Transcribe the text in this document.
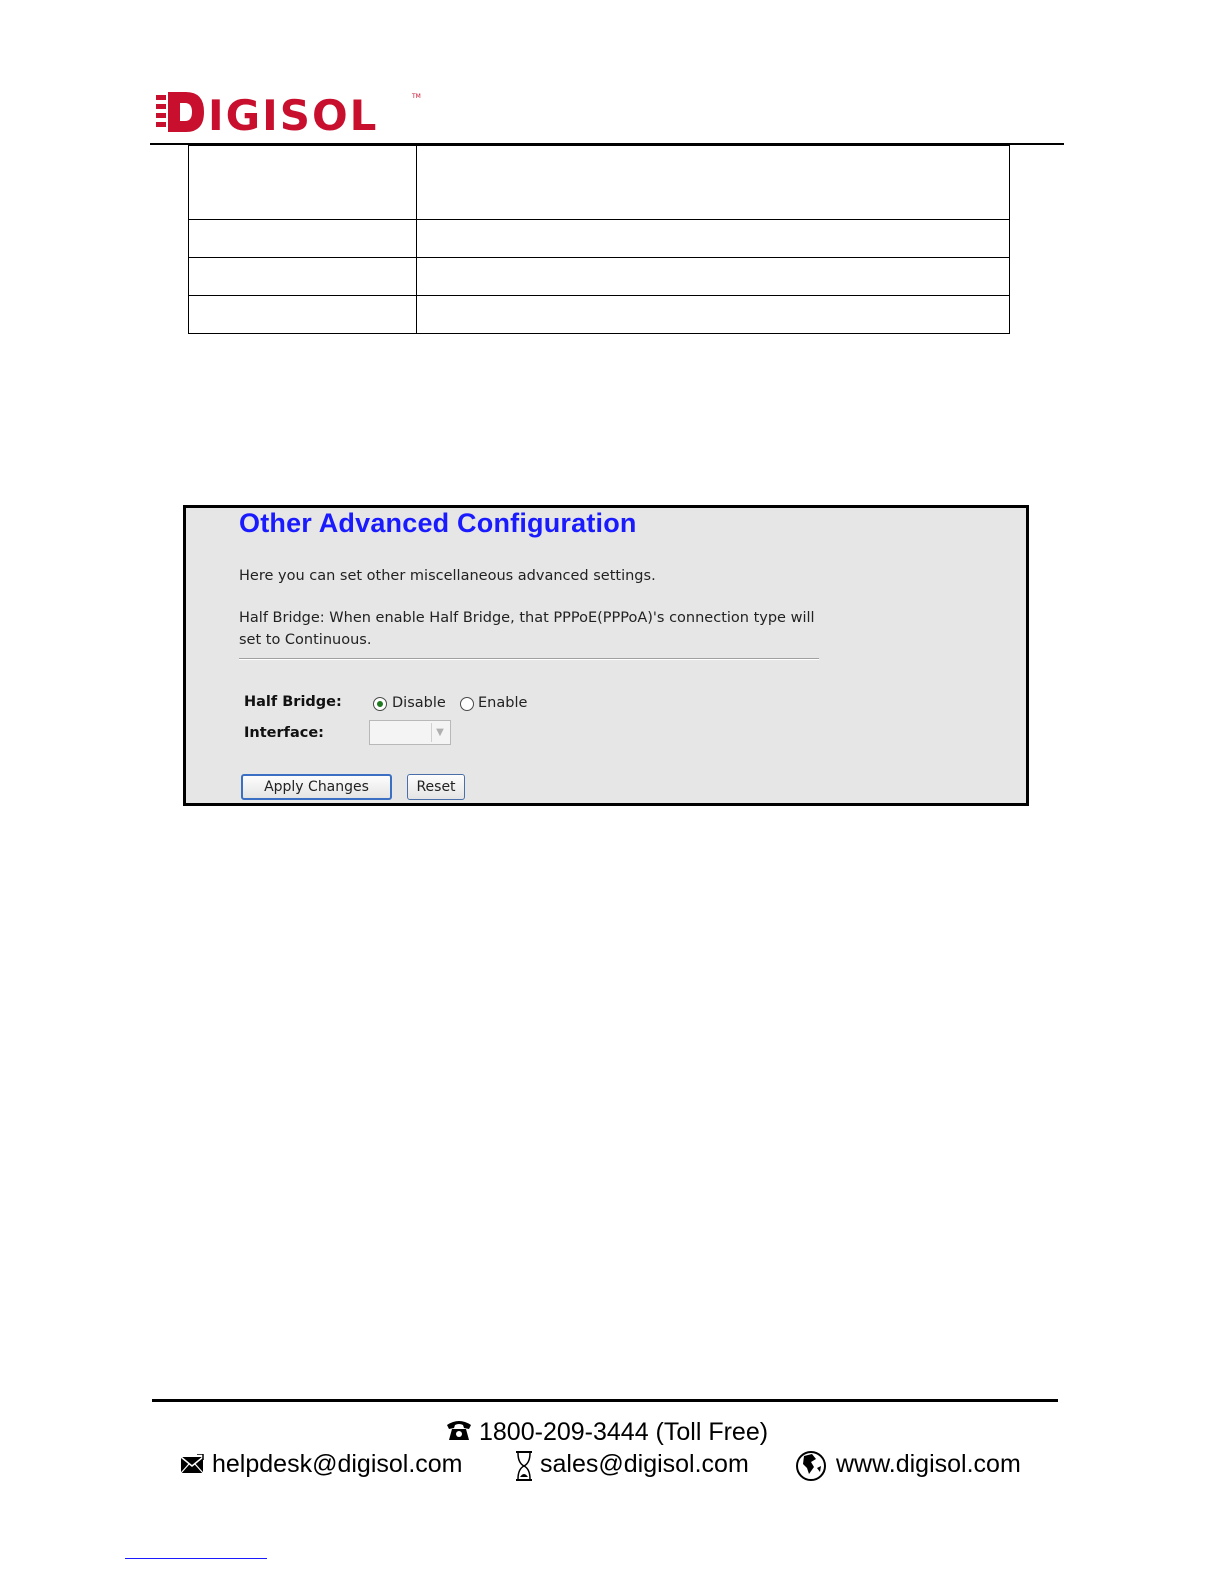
IGISOL	TM

Other Advanced Configuration
Here you can set other miscellaneous advanced settings.
Half Bridge: When enable Half Bridge, that PPPoE(PPPoA)'s connection type will set to Continuous.
Half Bridge:	Disable Enable
Interface:	▼
Apply Changes	Reset
1800-209-3444 (Toll Free)
helpdesk@digisol.com	sales@digisol.com	www.digisol.com
